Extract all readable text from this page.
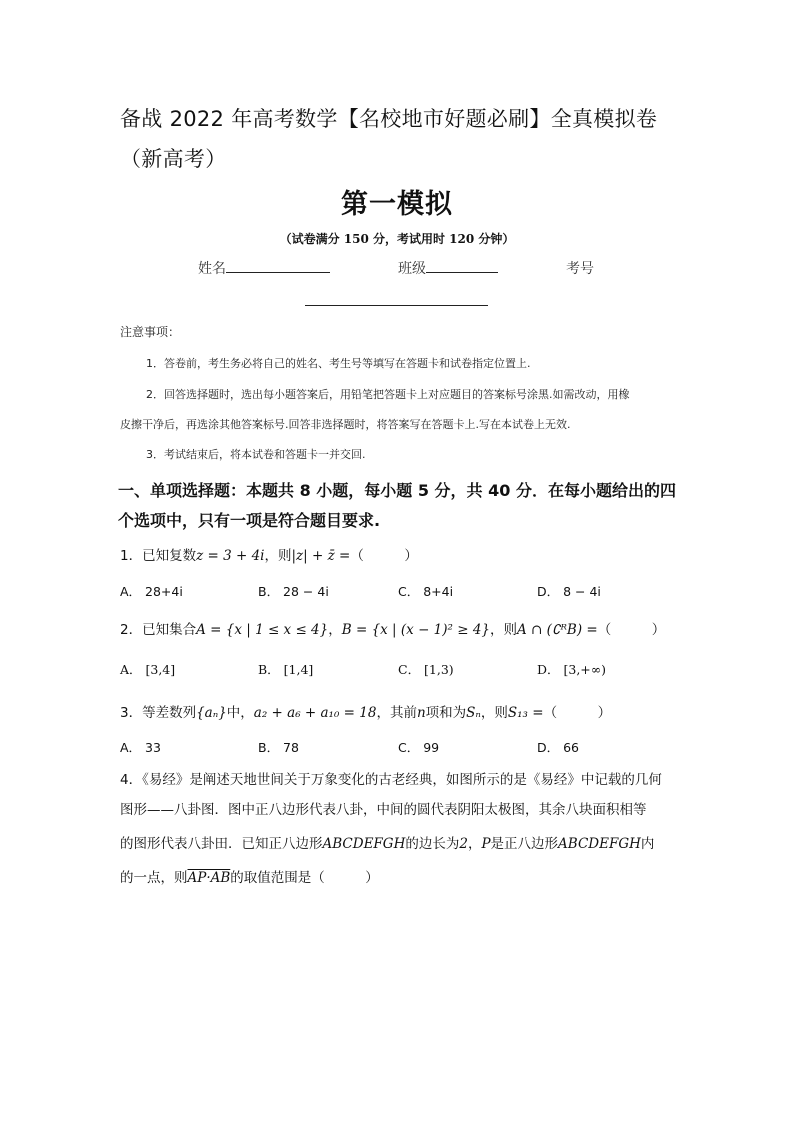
备战 2022 年高考数学【名校地市好题必刷】全真模拟卷（新高考）
第一模拟
（试卷满分 150 分，考试用时 120 分钟）
姓名	班级	考号
注意事项：
1．答卷前，考生务必将自己的姓名、考生号等填写在答题卡和试卷指定位置上.
2．回答选择题时，选出每小题答案后，用铅笔把答题卡上对应题目的答案标号涂黑.如需改动，用橡
皮擦干净后，再选涂其他答案标号.回答非选择题时，将答案写在答题卡上.写在本试卷上无效.
3．考试结束后，将本试卷和答题卡一并交回.
一、单项选择题：本题共 8 小题，每小题 5 分，共 40 分．在每小题给出的四个选项中，只有一项是符合题目要求.
1．已知复数z = 3 + 4i，则|z| + z̄ =（　　　）
A． 28+4i	B． 28 − 4i	C． 8+4i	D． 8 − 4i
2．已知集合A = {x | 1 ≤ x ≤ 4}，B = {x | (x − 1)² ≥ 4}，则A ∩ (∁ᴿB) =（　　　）
A． [3,4]	B． [1,4]	C． [1,3)	D． [3,+∞)
3．等差数列{aₙ}中，a₂ + a₆ + a₁₀ = 18，其前n项和为Sₙ，则S₁₃ =（　　　）
A． 33	B． 78	C． 99	D． 66
4．《易经》是阐述天地世间关于万象变化的古老经典，如图所示的是《易经》中记载的几何
图形——八卦图．图中正八边形代表八卦，中间的圆代表阴阳太极图，其余八块面积相等
的图形代表八卦田．已知正八边形ABCDEFGH的边长为2，P是正八边形ABCDEFGH内
的一点，则AP·AB的取值范围是（　　　）
